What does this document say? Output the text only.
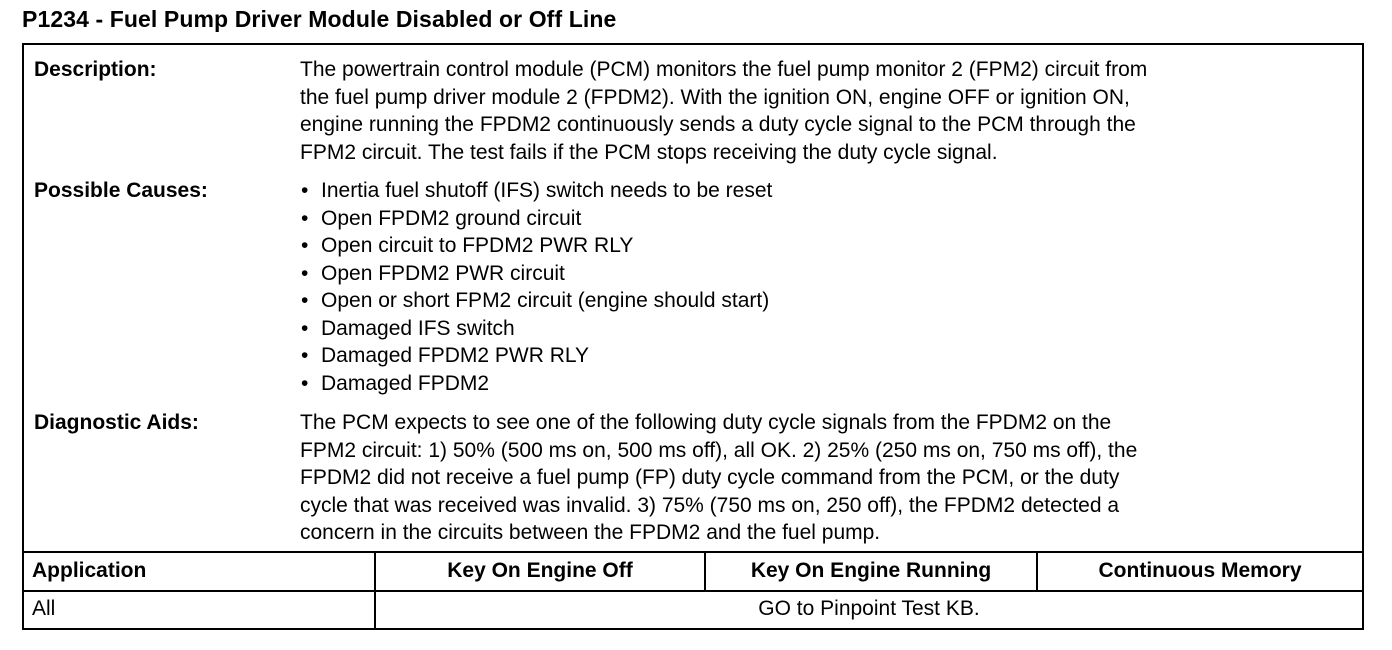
P1234 - Fuel Pump Driver Module Disabled or Off Line
Description:	The powertrain control module (PCM) monitors the fuel pump monitor 2 (FPM2) circuit from
the fuel pump driver module 2 (FPDM2). With the ignition ON, engine OFF or ignition ON,
engine running the FPDM2 continuously sends a duty cycle signal to the PCM through the
FPM2 circuit. The test fails if the PCM stops receiving the duty cycle signal.
Possible Causes:
•	Inertia fuel shutoff (IFS) switch needs to be reset
• Open FPDM2 ground circuit
• Open circuit to FPDM2 PWR RLY
• Open FPDM2 PWR circuit
• Open or short FPM2 circuit (engine should start)
• Damaged IFS switch
• Damaged FPDM2 PWR RLY
• Damaged FPDM2
Diagnostic Aids:	The PCM expects to see one of the following duty cycle signals from the FPDM2 on the
FPM2 circuit: 1) 50% (500 ms on, 500 ms off), all OK. 2) 25% (250 ms on, 750 ms off), the
FPDM2 did not receive a fuel pump (FP) duty cycle command from the PCM, or the duty
cycle that was received was invalid. 3) 75% (750 ms on, 250 off), the FPDM2 detected a
concern in the circuits between the FPDM2 and the fuel pump.
Application	Key On Engine Off	Key On Engine Running	Continuous Memory
All	GO to Pinpoint Test KB.
